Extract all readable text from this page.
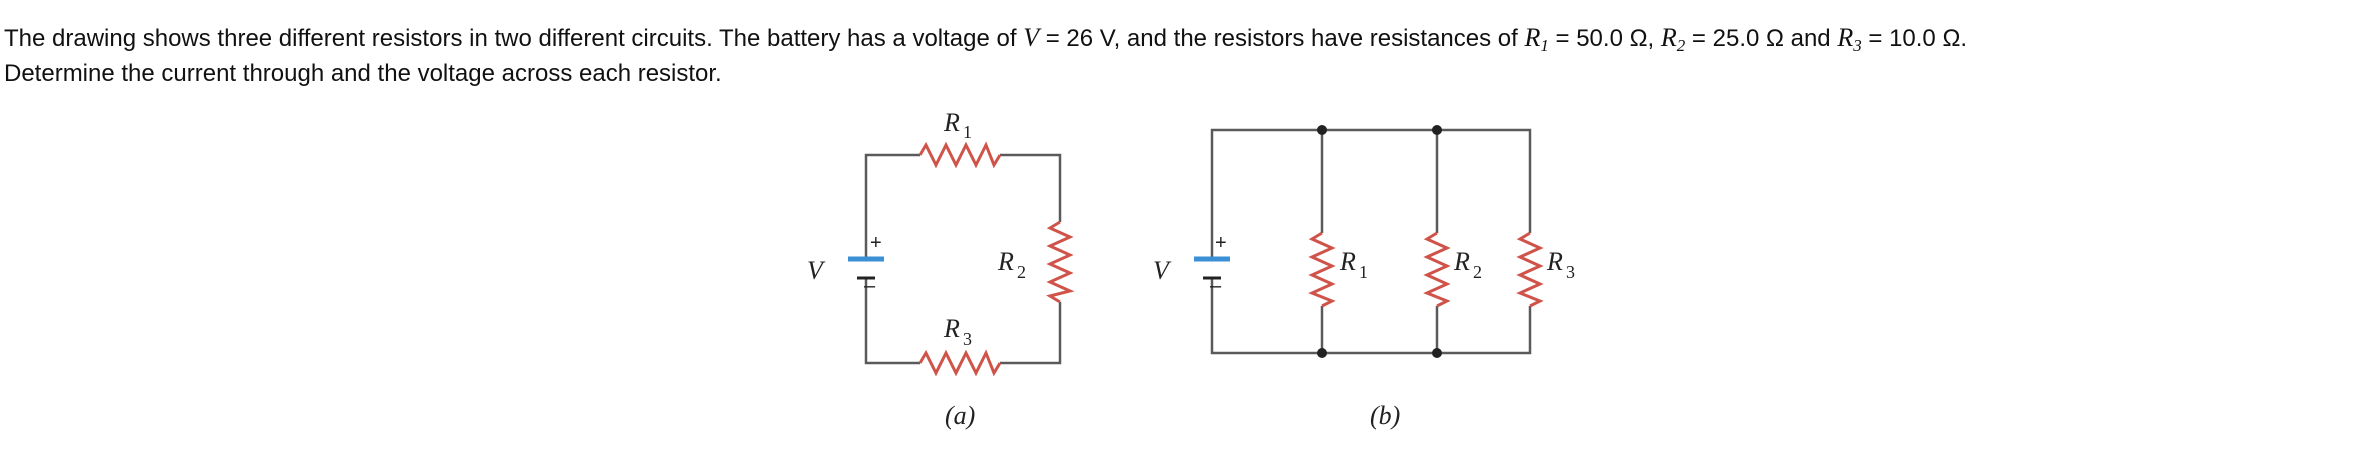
The drawing shows three different resistors in two different circuits. The battery has a voltage of V = 26 V, and the resistors have resistances of $R_1 = 50.0$ Ω, $R_2 = 25.0$ Ω and $R_3 = 10.0$ Ω.
Determine the current through and the voltage across each resistor.
+
–
V
R 1
R 2
R 3
(a)
+
–
V	R 1	R 2	R 3
(b)
